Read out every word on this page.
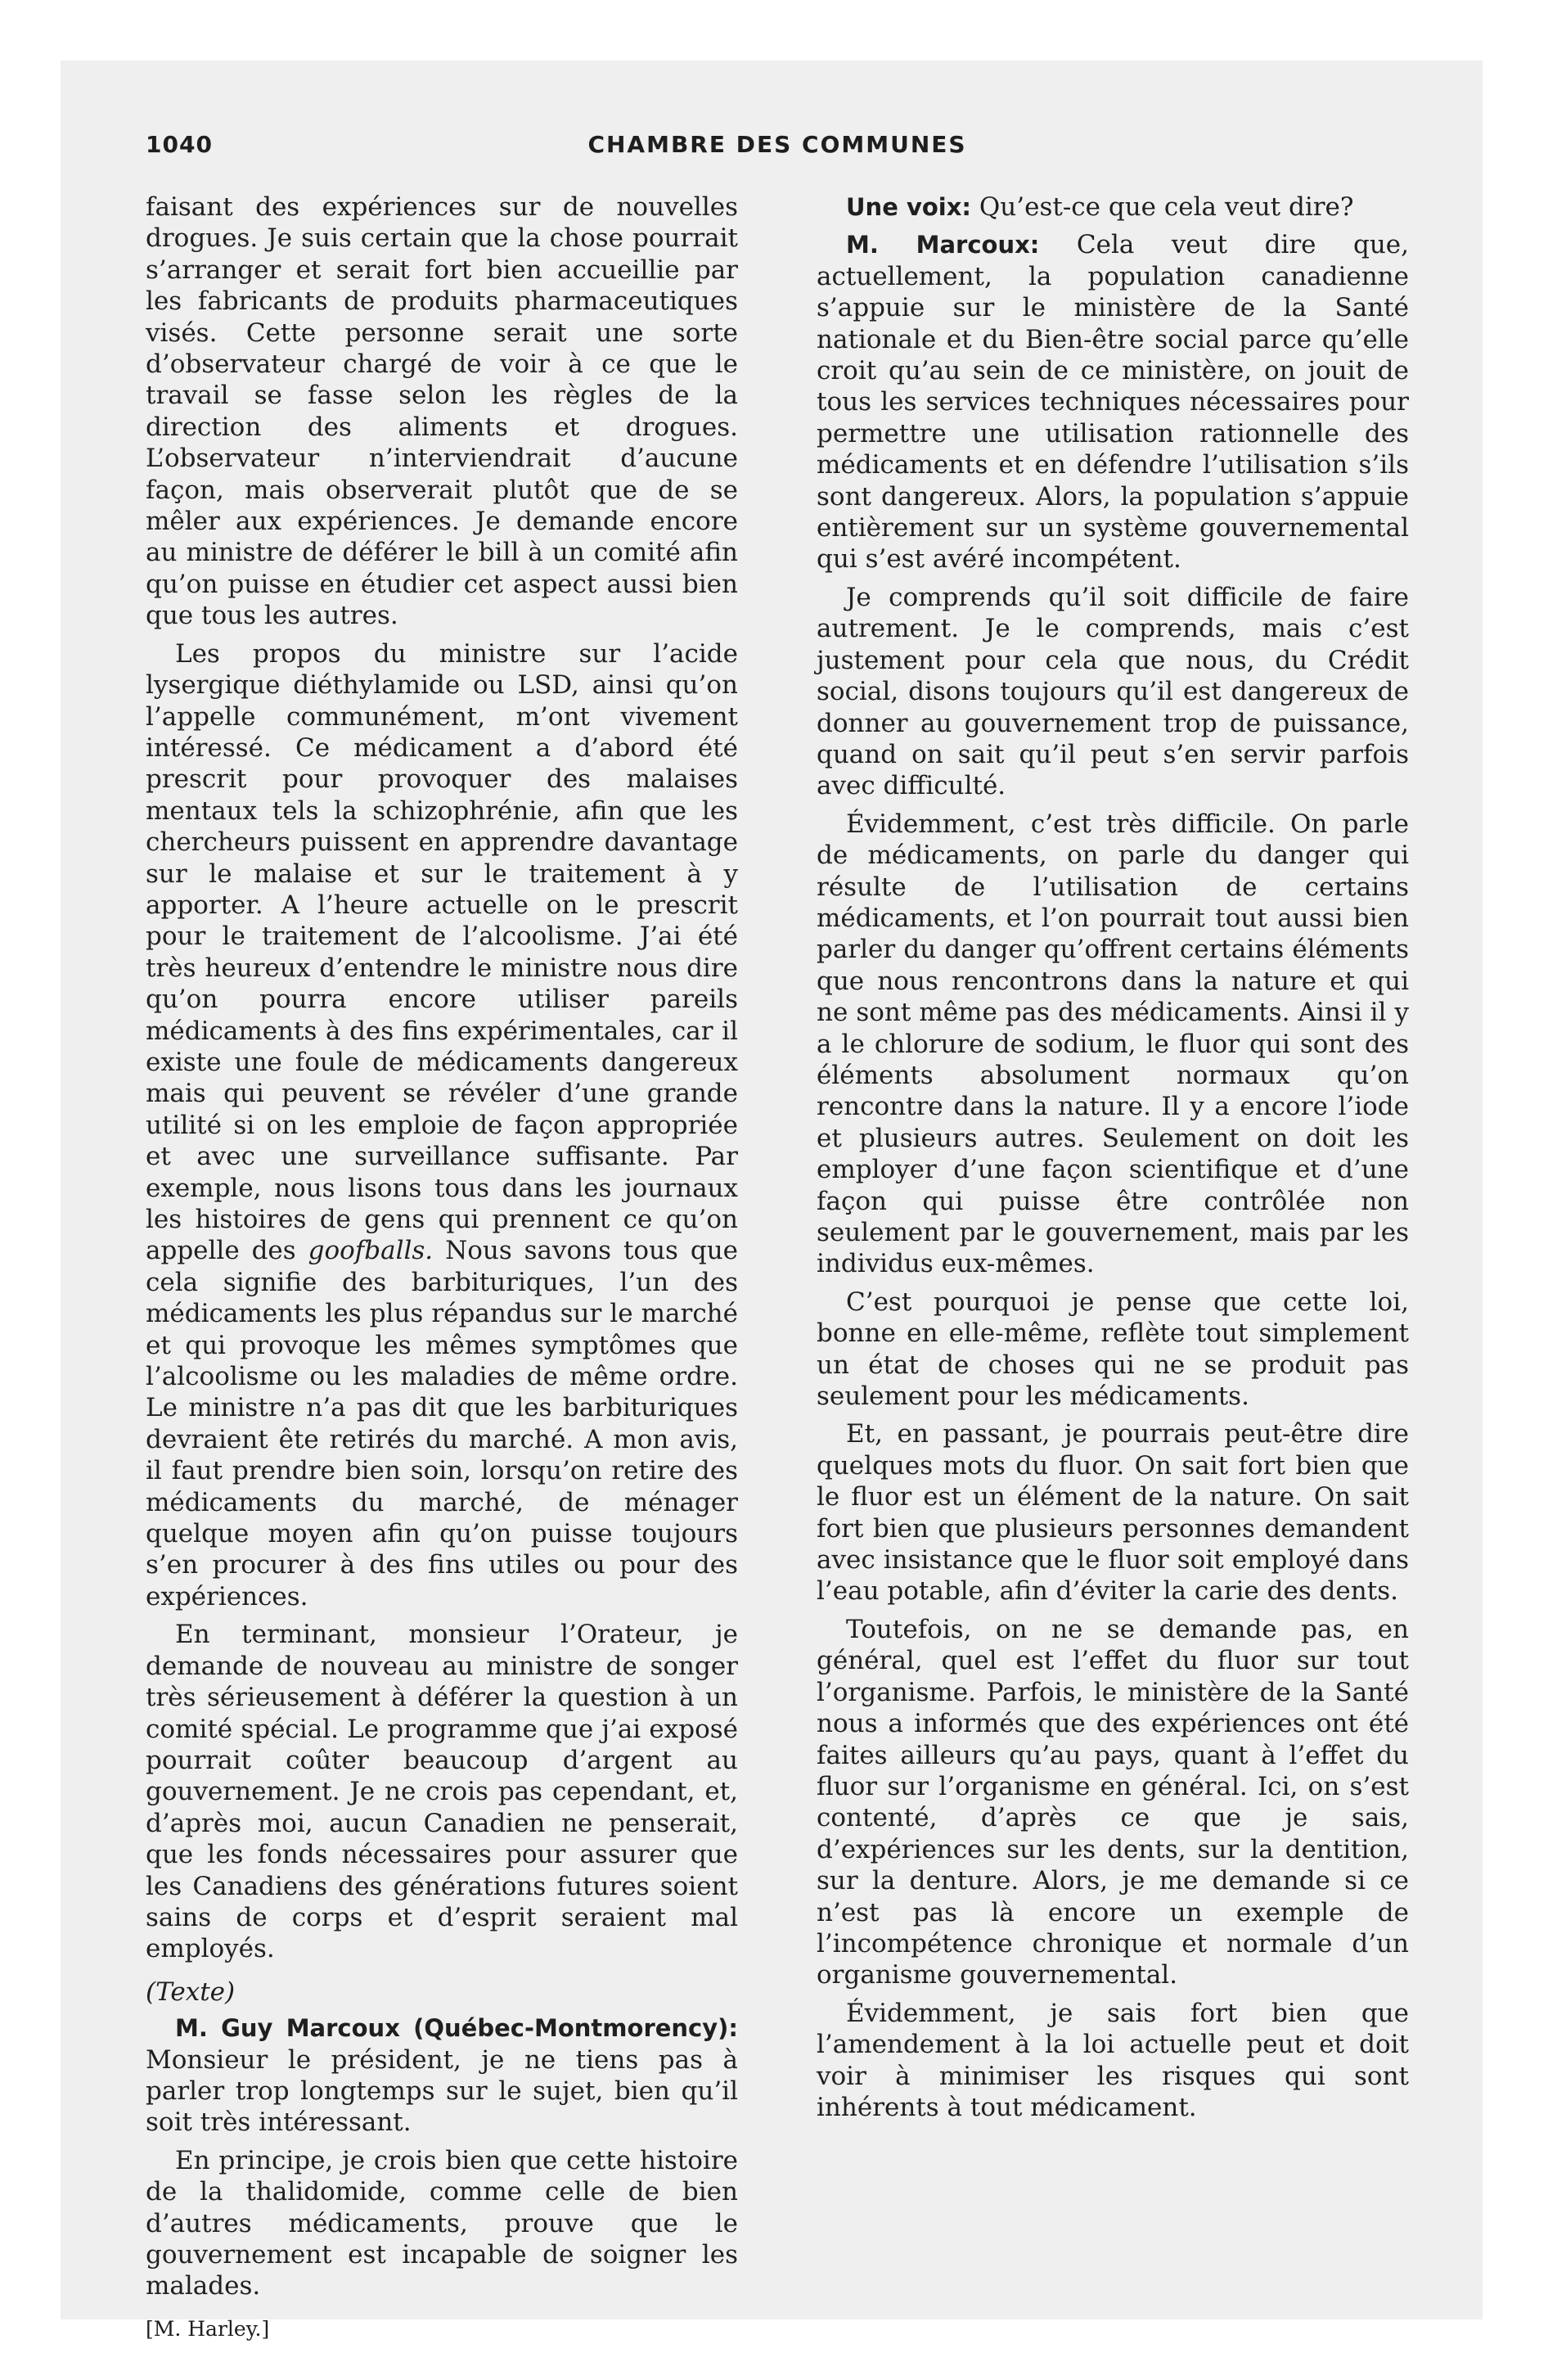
1040	CHAMBRE DES COMMUNES

faisant des expériences sur de nouvelles drogues. Je suis certain que la chose pourrait s’arranger et serait fort bien accueillie par les fabricants de produits pharmaceutiques visés. Cette personne serait une sorte d’observateur chargé de voir à ce que le travail se fasse selon les règles de la direction des aliments et drogues. L’observateur n’interviendrait d’aucune façon, mais observerait plutôt que de se mêler aux expériences. Je demande encore au ministre de déférer le bill à un comité afin qu’on puisse en étudier cet aspect aussi bien que tous les autres.

Les propos du ministre sur l’acide lysergique diéthylamide ou LSD, ainsi qu’on l’appelle communément, m’ont vivement intéressé. Ce médicament a d’abord été prescrit pour provoquer des malaises mentaux tels la schizophrénie, afin que les chercheurs puissent en apprendre davantage sur le malaise et sur le traitement à y apporter. A l’heure actuelle on le prescrit pour le traitement de l’alcoolisme. J’ai été très heureux d’entendre le ministre nous dire qu’on pourra encore utiliser pareils médicaments à des fins expérimentales, car il existe une foule de médicaments dangereux mais qui peuvent se révéler d’une grande utilité si on les emploie de façon appropriée et avec une surveillance suffisante. Par exemple, nous lisons tous dans les journaux les histoires de gens qui prennent ce qu’on appelle des goofballs. Nous savons tous que cela signifie des barbituriques, l’un des médicaments les plus répandus sur le marché et qui provoque les mêmes symptômes que l’alcoolisme ou les maladies de même ordre. Le ministre n’a pas dit que les barbituriques devraient ête retirés du marché. A mon avis, il faut prendre bien soin, lorsqu’on retire des médicaments du marché, de ménager quelque moyen afin qu’on puisse toujours s’en procurer à des fins utiles ou pour des expériences.

En terminant, monsieur l’Orateur, je demande de nouveau au ministre de songer très sérieusement à déférer la question à un comité spécial. Le programme que j’ai exposé pourrait coûter beaucoup d’argent au gouvernement. Je ne crois pas cependant, et, d’après moi, aucun Canadien ne penserait, que les fonds nécessaires pour assurer que les Canadiens des générations futures soient sains de corps et d’esprit seraient mal employés.

(Texte)

M. Guy Marcoux (Québec-Montmorency): Monsieur le président, je ne tiens pas à parler trop longtemps sur le sujet, bien qu’il soit très intéressant.

En principe, je crois bien que cette histoire de la thalidomide, comme celle de bien d’autres médicaments, prouve que le gouvernement est incapable de soigner les malades.

[M. Harley.]

Une voix: Qu’est-ce que cela veut dire?

M. Marcoux: Cela veut dire que, actuellement, la population canadienne s’appuie sur le ministère de la Santé nationale et du Bien-être social parce qu’elle croit qu’au sein de ce ministère, on jouit de tous les services techniques nécessaires pour permettre une utilisation rationnelle des médicaments et en défendre l’utilisation s’ils sont dangereux. Alors, la population s’appuie entièrement sur un système gouvernemental qui s’est avéré incompétent.

Je comprends qu’il soit difficile de faire autrement. Je le comprends, mais c’est justement pour cela que nous, du Crédit social, disons toujours qu’il est dangereux de donner au gouvernement trop de puissance, quand on sait qu’il peut s’en servir parfois avec difficulté.

Évidemment, c’est très difficile. On parle de médicaments, on parle du danger qui résulte de l’utilisation de certains médicaments, et l’on pourrait tout aussi bien parler du danger qu’offrent certains éléments que nous rencontrons dans la nature et qui ne sont même pas des médicaments. Ainsi il y a le chlorure de sodium, le fluor qui sont des éléments absolument normaux qu’on rencontre dans la nature. Il y a encore l’iode et plusieurs autres. Seulement on doit les employer d’une façon scientifique et d’une façon qui puisse être contrôlée non seulement par le gouvernement, mais par les individus eux-mêmes.

C’est pourquoi je pense que cette loi, bonne en elle-même, reflète tout simplement un état de choses qui ne se produit pas seulement pour les médicaments.

Et, en passant, je pourrais peut-être dire quelques mots du fluor. On sait fort bien que le fluor est un élément de la nature. On sait fort bien que plusieurs personnes demandent avec insistance que le fluor soit employé dans l’eau potable, afin d’éviter la carie des dents.

Toutefois, on ne se demande pas, en général, quel est l’effet du fluor sur tout l’organisme. Parfois, le ministère de la Santé nous a informés que des expériences ont été faites ailleurs qu’au pays, quant à l’effet du fluor sur l’organisme en général. Ici, on s’est contenté, d’après ce que je sais, d’expériences sur les dents, sur la dentition, sur la denture. Alors, je me demande si ce n’est pas là encore un exemple de l’incompétence chronique et normale d’un organisme gouvernemental.

Évidemment, je sais fort bien que l’amendement à la loi actuelle peut et doit voir à minimiser les risques qui sont inhérents à tout médicament.
